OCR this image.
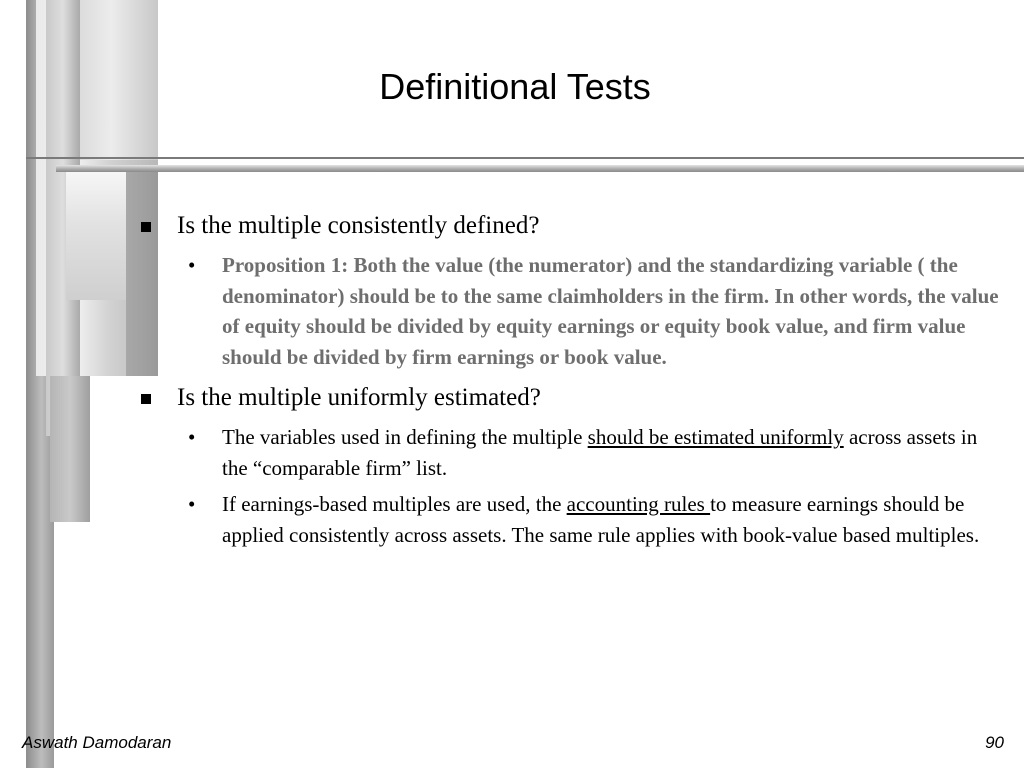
Definitional Tests
Is the multiple consistently defined?
• Proposition 1: Both the value (the numerator) and the standardizing variable ( the denominator) should be to the same claimholders in the firm. In other words, the value of equity should be divided by equity earnings or equity book value, and firm value should be divided by firm earnings or book value.
Is the multiple uniformly estimated?
• The variables used in defining the multiple should be estimated uniformly across assets in the “comparable firm” list.
• If earnings-based multiples are used, the accounting rules to measure earnings should be applied consistently across assets. The same rule applies with book-value based multiples.
Aswath Damodaran	90
